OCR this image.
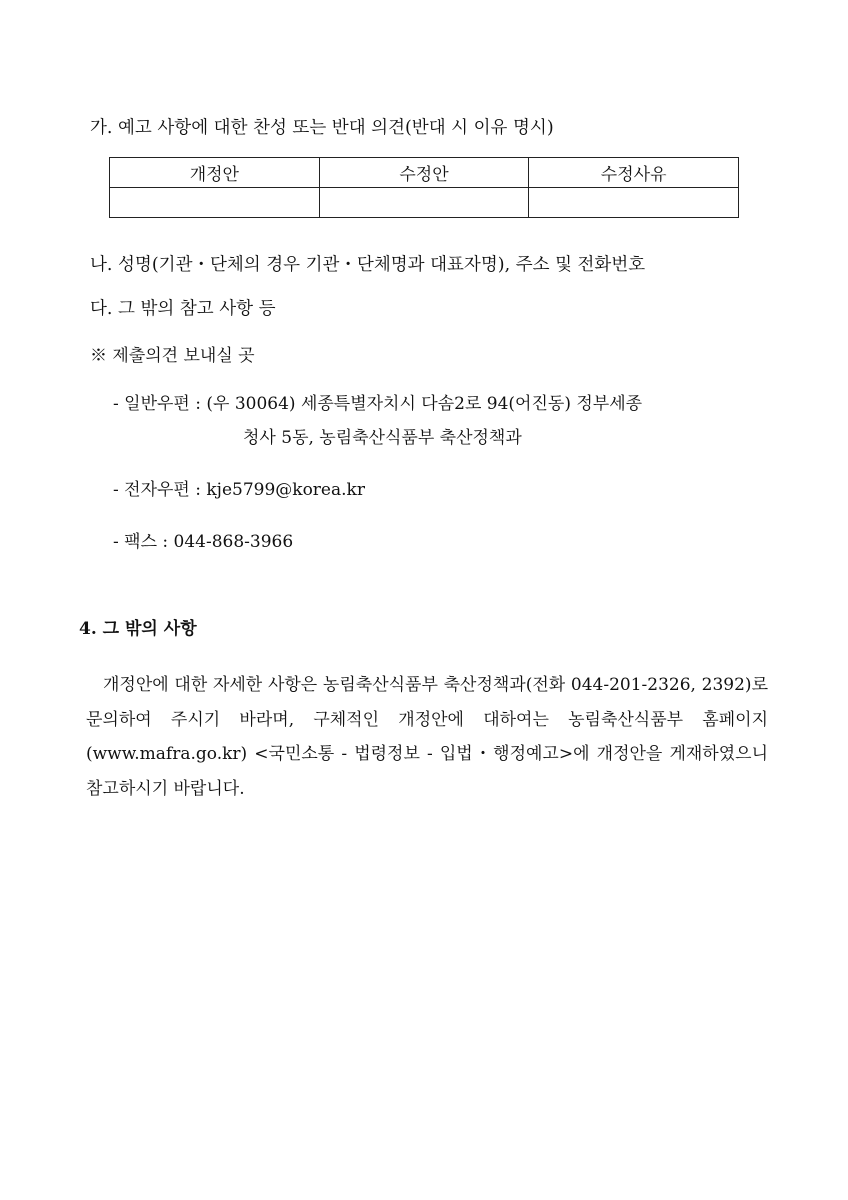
가. 예고 사항에 대한 찬성 또는 반대 의견(반대 시 이유 명시)
개정안	수정안	수정사유

나. 성명(기관・단체의 경우 기관・단체명과 대표자명), 주소 및 전화번호
다. 그 밖의 참고 사항 등
※ 제출의견 보내실 곳
- 일반우편 : (우 30064) 세종특별자치시 다솜2로 94(어진동) 정부세종
청사 5동, 농림축산식품부 축산정책과
- 전자우편 : kje5799@korea.kr
- 팩스 : 044-868-3966
4. 그 밖의 사항
개정안에 대한 자세한 사항은 농림축산식품부 축산정책과(전화 044-201-2326, 2392)로 문의하여 주시기 바라며, 구체적인 개정안에 대하여는 농림축산식품부 홈페이지(www.mafra.go.kr) <국민소통 - 법령정보 - 입법・행정예고>에 개정안을 게재하였으니 참고하시기 바랍니다.
